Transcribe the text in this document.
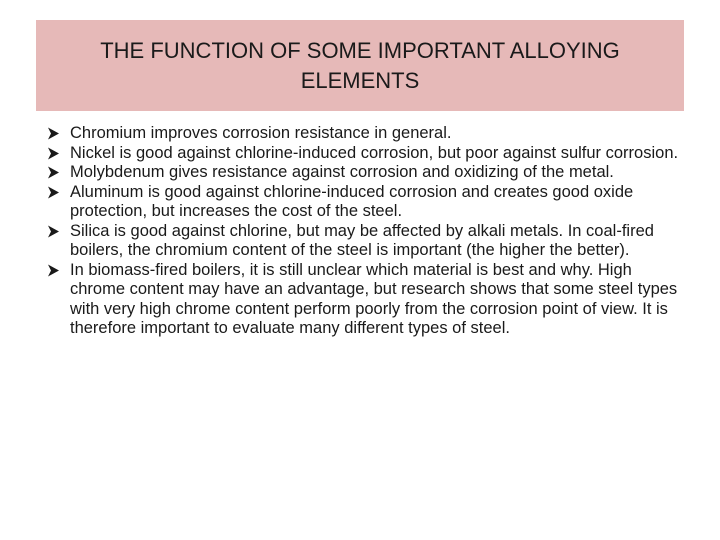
THE FUNCTION OF SOME IMPORTANT ALLOYING ELEMENTS
Chromium improves corrosion resistance in general.
Nickel is good against chlorine-induced corrosion, but poor against sulfur corrosion.
Molybdenum gives resistance against corrosion and oxidizing of the metal.
Aluminum is good against chlorine-induced corrosion and creates good oxide protection, but increases the cost of the steel.
Silica is good against chlorine, but may be affected by alkali metals. In coal-fired boilers, the chromium content of the steel is important (the higher the better).
In biomass-fired boilers, it is still unclear which material is best and why. High chrome content may have an advantage, but research shows that some steel types with very high chrome content perform poorly from the corrosion point of view. It is therefore important to evaluate many different types of steel.
